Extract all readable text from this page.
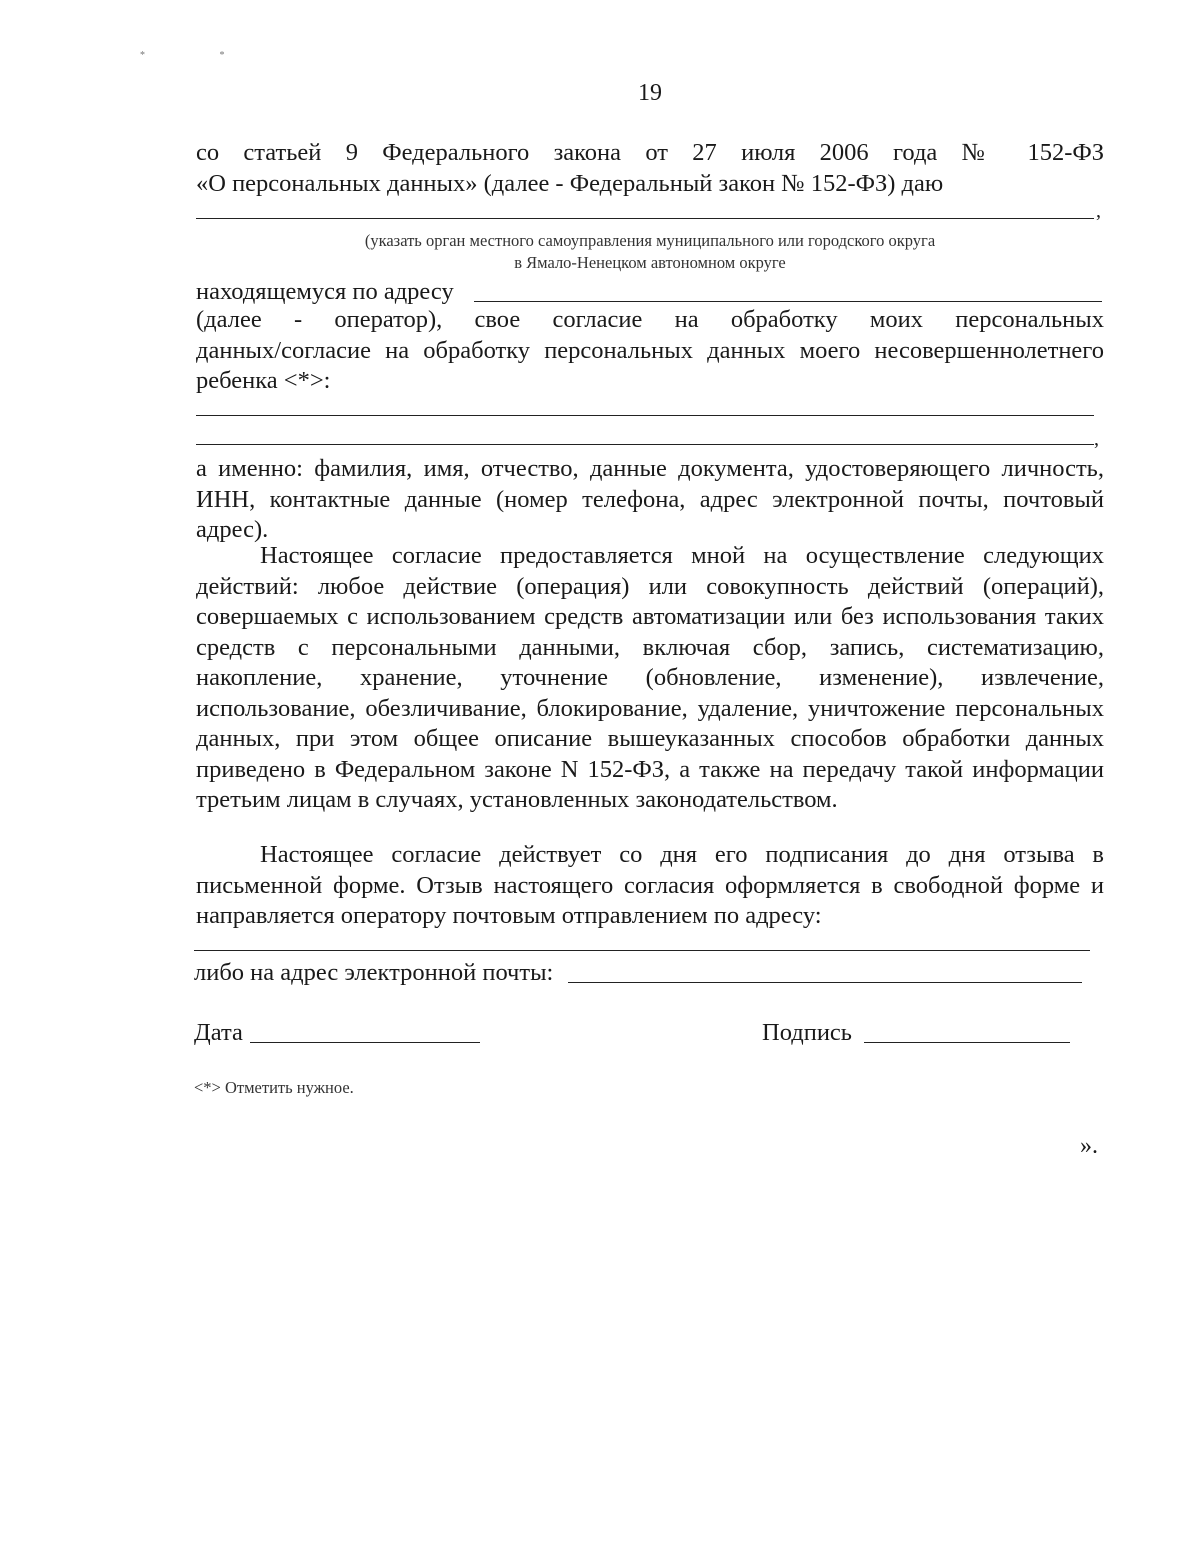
* *
19
со статьей 9 Федерального закона от 27 июля 2006 года № 152-ФЗ
«О персональных данных» (далее - Федеральный закон № 152-ФЗ) даю
,
(указать орган местного самоуправления муниципального или городского округа
в Ямало-Ненецком автономном округе
находящемуся по адресу
(далее - оператор), свое согласие на обработку моих персональных
данных/согласие на обработку персональных данных моего несовершеннолетнего
ребенка <*>:
,
а именно: фамилия, имя, отчество, данные документа, удостоверяющего личность, ИНН, контактные данные (номер телефона, адрес электронной почты, почтовый адрес).
Настоящее согласие предоставляется мной на осуществление следующих действий: любое действие (операция) или совокупность действий (операций), совершаемых с использованием средств автоматизации или без использования таких средств с персональными данными, включая сбор, запись, систематизацию, накопление, хранение, уточнение (обновление, изменение), извлечение, использование, обезличивание, блокирование, удаление, уничтожение персональных данных, при этом общее описание вышеуказанных способов обработки данных приведено в Федеральном законе N 152-ФЗ, а также на передачу такой информации третьим лицам в случаях, установленных законодательством.
Настоящее согласие действует со дня его подписания до дня отзыва в письменной форме. Отзыв настоящего согласия оформляется в свободной форме и направляется оператору почтовым отправлением по адресу:
либо на адрес электронной почты:
Дата	Подпись
<*> Отметить нужное.
».
